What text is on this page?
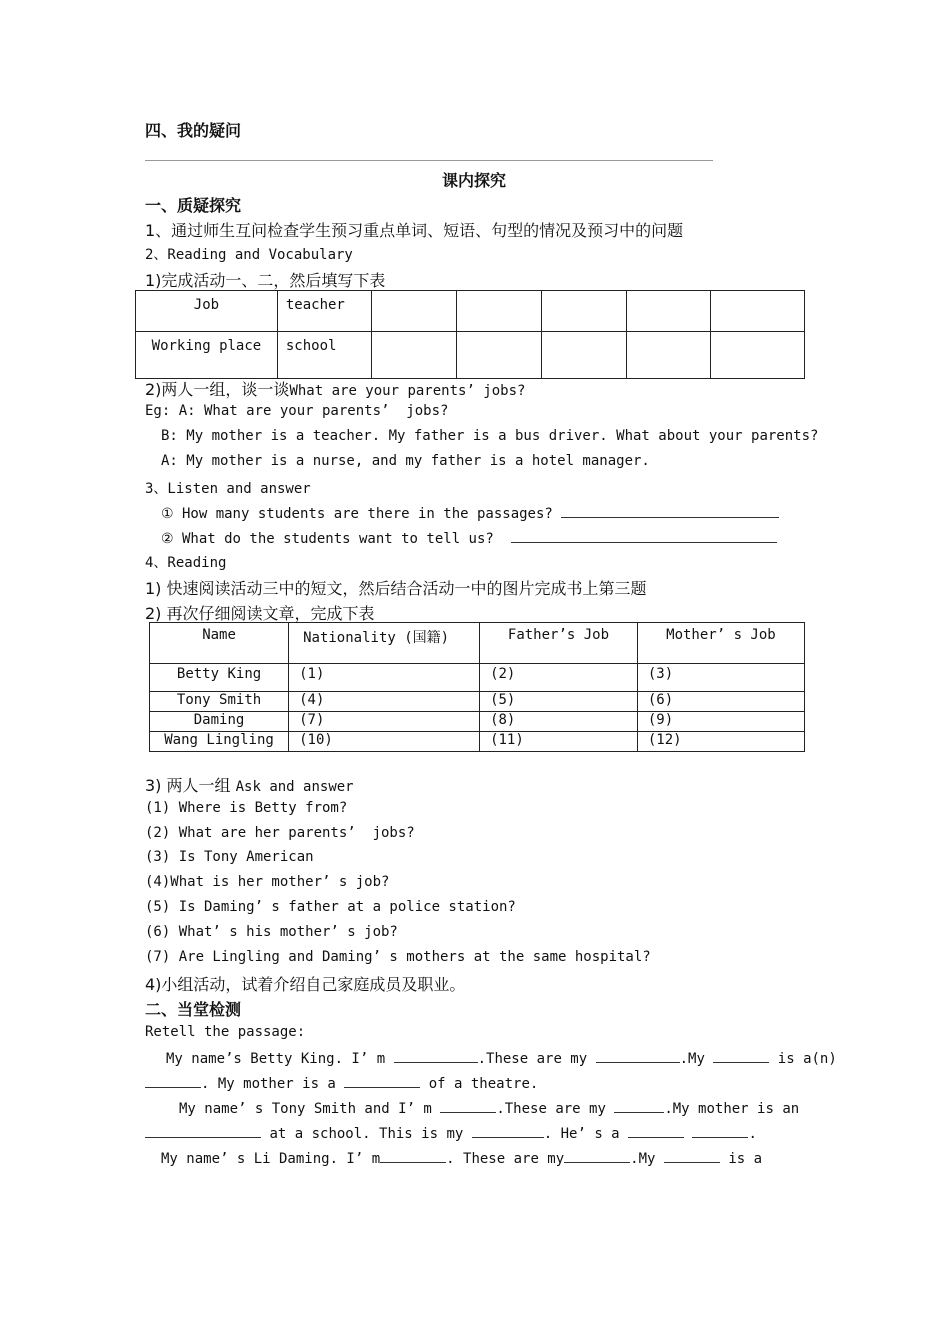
四、我的疑问
课内探究
一、质疑探究
1、通过师生互问检查学生预习重点单词、短语、句型的情况及预习中的问题
2、Reading and Vocabulary
1)完成活动一、二，然后填写下表
Job	teacher					
Working place	school					
2)两人一组，谈一谈What are your parents’ jobs?
Eg: A: What are your parents’  jobs?
B: My mother is a teacher. My father is a bus driver. What about your parents?
A: My mother is a nurse, and my father is a hotel manager.
3、Listen and answer
① How many students are there in the passages?
② What do the students want to tell us?
4、Reading
1) 快速阅读活动三中的短文，然后结合活动一中的图片完成书上第三题
2) 再次仔细阅读文章，完成下表
Name	Nationality (国籍)	Father’s Job	Mother’ s Job
Betty King	(1)	(2)	(3)
Tony Smith	(4)	(5)	(6)
Daming	(7)	(8)	(9)
Wang Lingling	(10)	(11)	(12)
3) 两人一组 Ask and answer
(1) Where is Betty from?
(2) What are her parents’  jobs?
(3) Is Tony American
(4)What is her mother’ s job?
(5) Is Daming’ s father at a police station?
(6) What’ s his mother’ s job?
(7) Are Lingling and Daming’ s mothers at the same hospital?
4)小组活动，试着介绍自己家庭成员及职业。
二、当堂检测
Retell the passage:
My name’s Betty King. I’ m	.These are my	.My	is a(n)
. My mother is a	of a theatre.
My name’ s Tony Smith and I’ m	.These are my	.My mother is an
at a school. This is my	. He’ s a	.
My name’ s Li Daming. I’ m	. These are my	.My	is a
